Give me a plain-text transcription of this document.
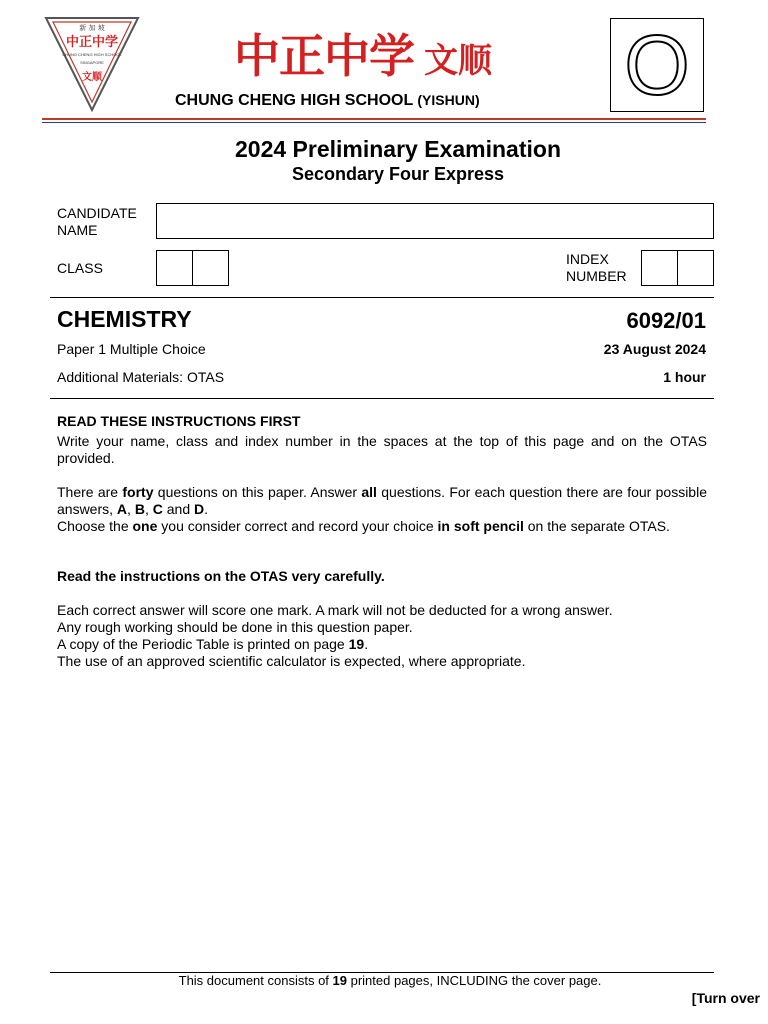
新 加 坡
中正中学
CHUNG CHENG HIGH SCHOOL
SINGAPORE
文顺	中正中学 文顺
CHUNG CHENG HIGH SCHOOL (YISHUN) O
2024 Preliminary Examination
Secondary Four Express
CANDIDATE
NAME
CLASS
INDEX
NUMBER
CHEMISTRY	6092/01
Paper 1 Multiple Choice	23 August 2024
Additional Materials: OTAS	1 hour
READ THESE INSTRUCTIONS FIRST
Write your name, class and index number in the spaces at the top of this page and on the OTAS provided.
There are forty questions on this paper. Answer all questions. For each question there are four possible answers, A, B, C and D.
Choose the one you consider correct and record your choice in soft pencil on the separate OTAS.
Read the instructions on the OTAS very carefully.
Each correct answer will score one mark. A mark will not be deducted for a wrong answer.
Any rough working should be done in this question paper.
A copy of the Periodic Table is printed on page 19.
The use of an approved scientific calculator is expected, where appropriate.
This document consists of 19 printed pages, INCLUDING the cover page.
[Turn over
